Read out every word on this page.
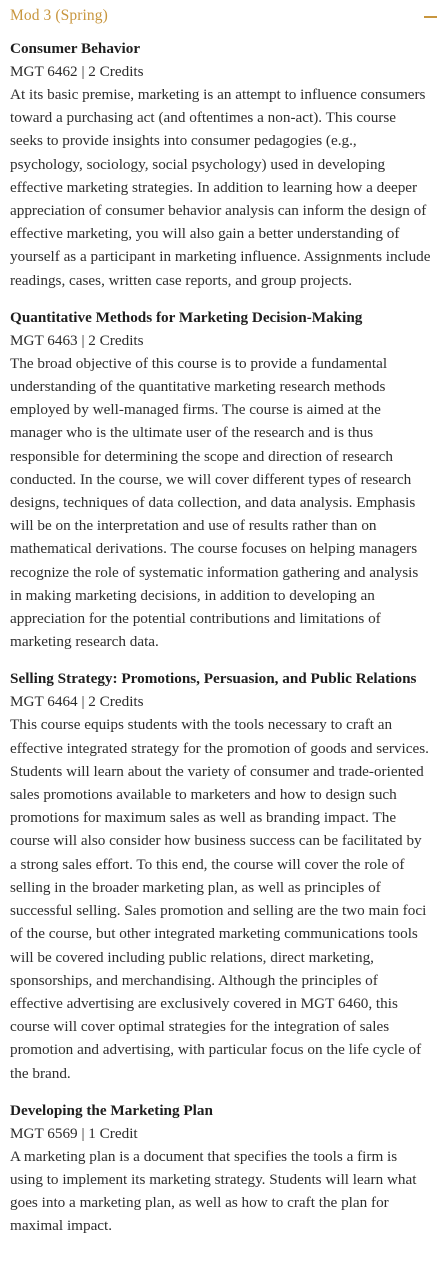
Mod 3 (Spring)
Consumer Behavior
MGT 6462 | 2 Credits
At its basic premise, marketing is an attempt to influence consumers toward a purchasing act (and oftentimes a non-act). This course seeks to provide insights into consumer pedagogies (e.g., psychology, sociology, social psychology) used in developing effective marketing strategies. In addition to learning how a deeper appreciation of consumer behavior analysis can inform the design of effective marketing, you will also gain a better understanding of yourself as a participant in marketing influence. Assignments include readings, cases, written case reports, and group projects.
Quantitative Methods for Marketing Decision-Making
MGT 6463 | 2 Credits
The broad objective of this course is to provide a fundamental understanding of the quantitative marketing research methods employed by well-managed firms. The course is aimed at the manager who is the ultimate user of the research and is thus responsible for determining the scope and direction of research conducted. In the course, we will cover different types of research designs, techniques of data collection, and data analysis. Emphasis will be on the interpretation and use of results rather than on mathematical derivations. The course focuses on helping managers recognize the role of systematic information gathering and analysis in making marketing decisions, in addition to developing an appreciation for the potential contributions and limitations of marketing research data.
Selling Strategy: Promotions, Persuasion, and Public Relations
MGT 6464 | 2 Credits
This course equips students with the tools necessary to craft an effective integrated strategy for the promotion of goods and services. Students will learn about the variety of consumer and trade-oriented sales promotions available to marketers and how to design such promotions for maximum sales as well as branding impact. The course will also consider how business success can be facilitated by a strong sales effort. To this end, the course will cover the role of selling in the broader marketing plan, as well as principles of successful selling. Sales promotion and selling are the two main foci of the course, but other integrated marketing communications tools will be covered including public relations, direct marketing, sponsorships, and merchandising. Although the principles of effective advertising are exclusively covered in MGT 6460, this course will cover optimal strategies for the integration of sales promotion and advertising, with particular focus on the life cycle of the brand.
Developing the Marketing Plan
MGT 6569 | 1 Credit
A marketing plan is a document that specifies the tools a firm is using to implement its marketing strategy. Students will learn what goes into a marketing plan, as well as how to craft the plan for maximal impact.
